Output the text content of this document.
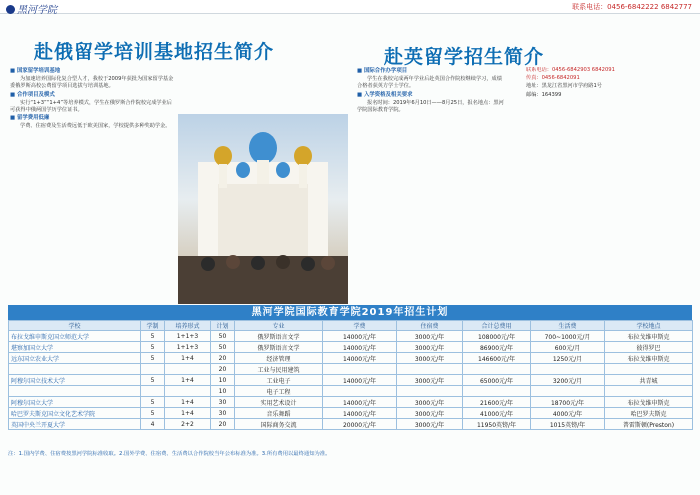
黑河学院	联系电话：0456-6842222 6842777
赴俄留学培训基地招生简介	赴英留学招生简介
■ 国家留学培训基地

为加速培养国际化复合型人才，我校于2009年获批为国家留学基金委俄罗斯高校公费留学项目选拔与培训基地。

■ 合作项目及模式

实行“1+3”“1+4”等培养模式，学生在俄罗斯合作院校完成学业后可获得中俄两国学历学位证书。

■ 留学费用低廉

学费、住宿费及生活费远低于欧美国家，学校提供多种奖助学金。

■ 国际合作办学项目

学生在我校完成两年学业后赴英国合作院校继续学习，成绩合格者获英方学士学位。

■ 入学资格及相关要求

报名时间：2019年6月10日——8月25日，报名地点：黑河学院国际教育学院。

联系电话：0456-6842903 6842091

传真：0456-6842091

地址：黑龙江省黑河市学府路1号

邮编：164399

黑河学院国际教育学院2019年招生计划
学校	学制	培养形式	计划	专业	学费	住宿费	合计总费用	生活费	学校地点
布拉戈维申斯克国立师范大学	5	1+1+3	50	俄罗斯语言文学	14000元/年	3000元/年	108000元/年	700~1000元/月	布拉戈维申斯克
堪察加国立大学	5	1+1+3	50	俄罗斯语言文学	14000元/年	3000元/年	86900元/年	600元/月	彼得罗巴
远东国立农业大学	5	1+4	20	经济管理	14000元/年	3000元/年	146600元/年	1250元/月	布拉戈维申斯克
			20	工业与民用建筑					
阿穆尔国立技术大学	5	1+4	10	工业电子	14000元/年	3000元/年	65000元/年	3200元/月	共青城
			10	电子工程					
阿穆尔国立大学	5	1+4	30	实用艺术设计	14000元/年	3000元/年	21600元/年	18700元/年	布拉戈维申斯克
哈巴罗夫斯克国立文化艺术学院	5	1+4	30	音乐舞蹈	14000元/年	3000元/年	41000元/年	4000元/年	哈巴罗夫斯克
英国中央兰开夏大学	4	2+2	20	国际商务交流	20000元/年	3000元/年	11950英镑/年	1015英镑/年	普雷斯顿(Preston)
注：1.国内学费、住宿费按黑河学院标准收取。2.国外学费、住宿费、生活费以合作院校当年公布标准为准。3.所有费用以最终通知为准。
